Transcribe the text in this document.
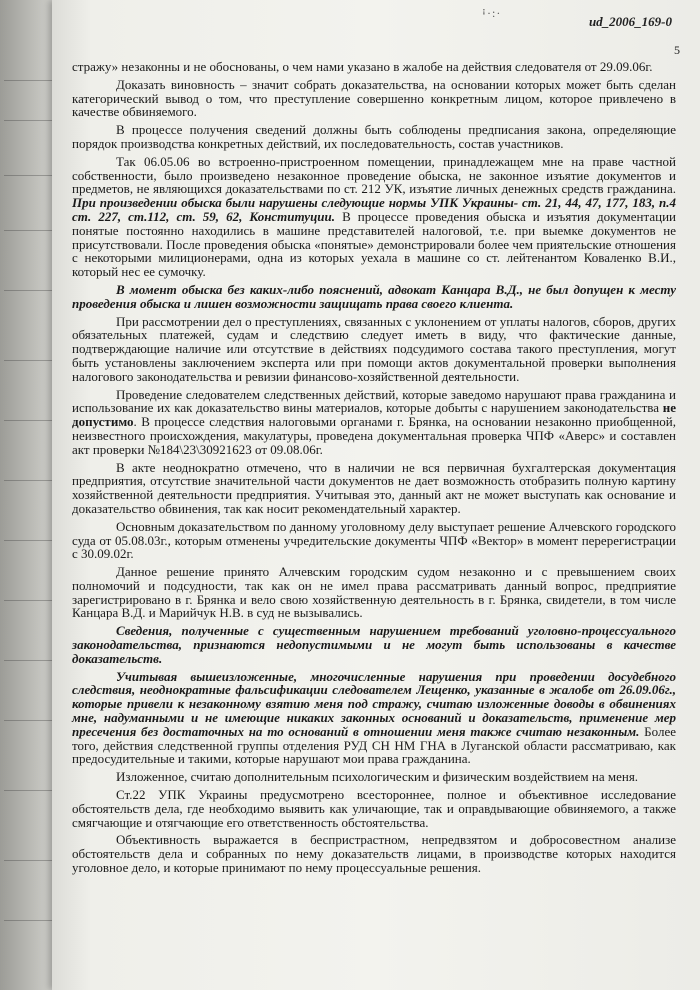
ꜟ·:·
ud_2006_169-0
5

стражу» незаконны и не обоснованы, о чем нами указано в жалобе на действия следователя от 29.09.06г.

Доказать виновность – значит собрать доказательства, на основании которых может быть сделан категорический вывод о том, что преступление совершенно конкретным лицом, которое привлечено в качестве обвиняемого.

В процессе получения сведений должны быть соблюдены предписания закона, определяющие порядок производства конкретных действий, их последовательность, состав участников.

Так 06.05.06 во встроенно-пристроенном помещении, принадлежащем мне на праве частной собственности, было произведено незаконное проведение обыска, не законное изъятие документов и предметов, не являющихся доказательствами по ст. 212 УК, изъятие личных денежных средств гражданина. При произведении обыска были нарушены следующие нормы УПК Украины- ст. 21, 44, 47, 177, 183, п.4 ст. 227, ст.112, ст. 59, 62, Конституции. В процессе проведения обыска и изъятия документации понятые постоянно находились в машине представителей налоговой, т.е. при выемке документов не присутствовали. После проведения обыска «понятые» демонстрировали более чем приятельские отношения с некоторыми милиционерами, одна из которых уехала в машине со ст. лейтенантом Коваленко В.И., который нес ее сумочку.

В момент обыска без каких-либо пояснений, адвокат Канцара В.Д., не был допущен к месту проведения обыска и лишен возможности защищать права своего клиента.

При рассмотрении дел о преступлениях, связанных с уклонением от уплаты налогов, сборов, других обязательных платежей, судам и следствию следует иметь в виду, что фактические данные, подтверждающие наличие или отсутствие в действиях подсудимого состава такого преступления, могут быть установлены заключением эксперта или при помощи актов документальной проверки выполнения налогового законодательства и ревизии финансово-хозяйственной деятельности.

Проведение следователем следственных действий, которые заведомо нарушают права гражданина и использование их как доказательство вины материалов, которые добыты с нарушением законодательства не допустимо. В процессе следствия налоговыми органами г. Брянка, на основании незаконно приобщенной, неизвестного происхождения, макулатуры, проведена документальная проверка ЧПФ «Аверс» и составлен акт проверки №184\23\30921623 от 09.08.06г.

В акте неоднократно отмечено, что в наличии не вся первичная бухгалтерская документация предприятия, отсутствие значительной части документов не дает возможность отобразить полную картину хозяйственной деятельности предприятия. Учитывая это, данный акт не может выступать как основание и доказательство обвинения, так как носит рекомендательный характер.

Основным доказательством по данному уголовному делу выступает решение Алчевского городского суда от 05.08.03г., которым отменены учредительские документы ЧПФ «Вектор» в момент перерегистрации с 30.09.02г.

Данное решение принято Алчевским городским судом незаконно и с превышением своих полномочий и подсудности, так как он не имел права рассматривать данный вопрос, предприятие зарегистрировано в г. Брянка и вело свою хозяйственную деятельность в г. Брянка, свидетели, в том числе Канцара В.Д. и Марийчук Н.В. в суд не вызывались.

Сведения, полученные с существенным нарушением требований уголовно-процессуального законодательства, признаются недопустимыми и не могут быть использованы в качестве доказательств.

Учитывая вышеизложенные, многочисленные нарушения при проведении досудебного следствия, неоднократные фальсификации следователем Лещенко, указанные в жалобе от 26.09.06г., которые привели к незаконному взятию меня под стражу, считаю изложенные доводы в обвинениях мне, надуманными и не имеющие никаких законных оснований и доказательств, применение мер пресечения без достаточных на то оснований в отношении меня также считаю незаконным. Более того, действия следственной группы отделения РУД СН НМ ГНА в Луганской области рассматриваю, как предосудительные и такими, которые нарушают мои права гражданина.

Изложенное, считаю дополнительным психологическим и физическим воздействием на меня.

Ст.22 УПК Украины предусмотрено всестороннее, полное и объективное исследование обстоятельств дела, где необходимо выявить как уличающие, так и оправдывающие обвиняемого, а также смягчающие и отягчающие его ответственность обстоятельства.

Объективность выражается в беспристрастном, непредвзятом и добросовестном анализе обстоятельств дела и собранных по нему доказательств лицами, в производстве которых находится уголовное дело, и которые принимают по нему процессуальные решения.
